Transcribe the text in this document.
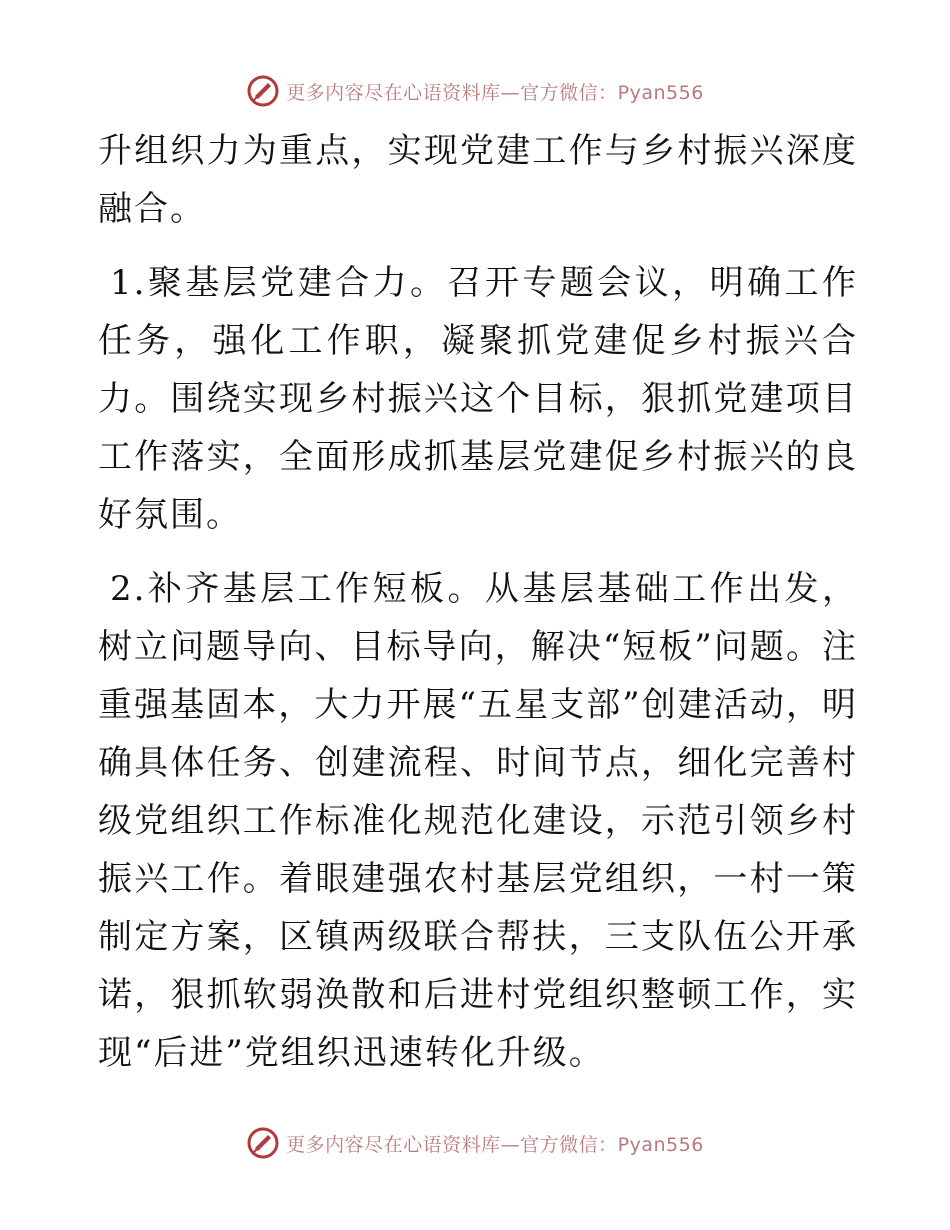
更多内容尽在心语资料库—官方微信：Pyan556

升组织力为重点，实现党建工作与乡村振兴深度融合。

1.聚基层党建合力。召开专题会议，明确工作任务，强化工作职，凝聚抓党建促乡村振兴合力。围绕实现乡村振兴这个目标，狠抓党建项目工作落实，全面形成抓基层党建促乡村振兴的良好氛围。

2.补齐基层工作短板。从基层基础工作出发，树立问题导向、目标导向，解决“短板”问题。注重强基固本，大力开展“五星支部”创建活动，明确具体任务、创建流程、时间节点，细化完善村级党组织工作标准化规范化建设，示范引领乡村振兴工作。着眼建强农村基层党组织，一村一策制定方案，区镇两级联合帮扶，三支队伍公开承诺，狠抓软弱涣散和后进村党组织整顿工作，实现“后进”党组织迅速转化升级。

更多内容尽在心语资料库—官方微信：Pyan556
